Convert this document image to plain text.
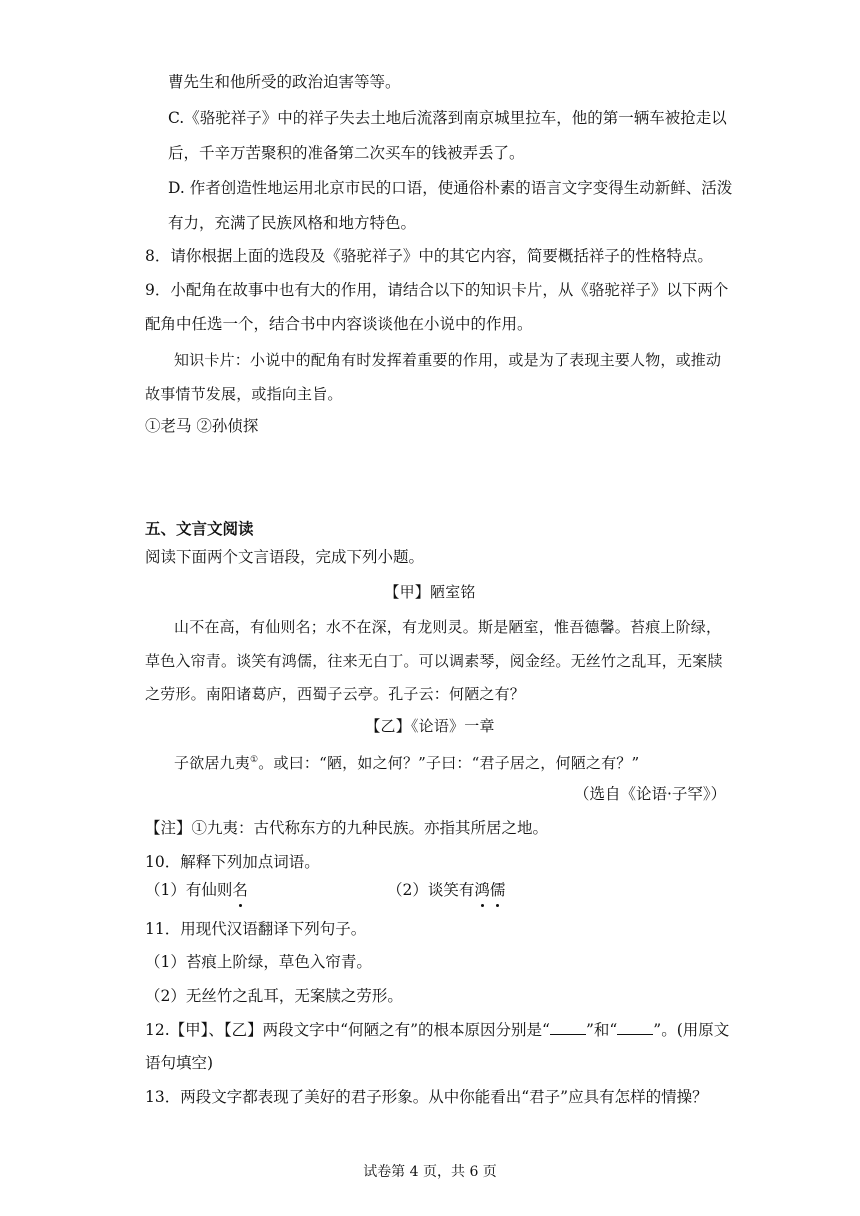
曹先生和他所受的政治迫害等等。
C.《骆驼祥子》中的祥子失去土地后流落到南京城里拉车，他的第一辆车被抢走以
后，千辛万苦聚积的准备第二次买车的钱被弄丢了。
D. 作者创造性地运用北京市民的口语，使通俗朴素的语言文字变得生动新鲜、活泼
有力，充满了民族风格和地方特色。
8．请你根据上面的选段及《骆驼祥子》中的其它内容，简要概括祥子的性格特点。
9．小配角在故事中也有大的作用，请结合以下的知识卡片，从《骆驼祥子》以下两个
配角中任选一个，结合书中内容谈谈他在小说中的作用。
知识卡片：小说中的配角有时发挥着重要的作用，或是为了表现主要人物，或推动
故事情节发展，或指向主旨。
①老马 ②孙侦探
五、文言文阅读
阅读下面两个文言语段，完成下列小题。
【甲】陋室铭
山不在高，有仙则名；水不在深，有龙则灵。斯是陋室，惟吾德馨。苔痕上阶绿，
草色入帘青。谈笑有鸿儒，往来无白丁。可以调素琴，阅金经。无丝竹之乱耳，无案牍
之劳形。南阳诸葛庐，西蜀子云亭。孔子云：何陋之有？
【乙】《论语》一章
子欲居九夷①。或曰：“陋，如之何？”子曰：“君子居之，何陋之有？”
（选自《论语·子罕》）
【注】①九夷：古代称东方的九种民族。亦指其所居之地。
10．解释下列加点词语。
（1）有仙则名	（2）谈笑有鸿儒
11．用现代汉语翻译下列句子。
（1）苔痕上阶绿，草色入帘青。
（2）无丝竹之乱耳，无案牍之劳形。
12.【甲】、【乙】两段文字中“何陋之有”的根本原因分别是“ ”和“ ”。(用原文
语句填空)
13．两段文字都表现了美好的君子形象。从中你能看出“君子”应具有怎样的情操？
试卷第 4 页，共 6 页
